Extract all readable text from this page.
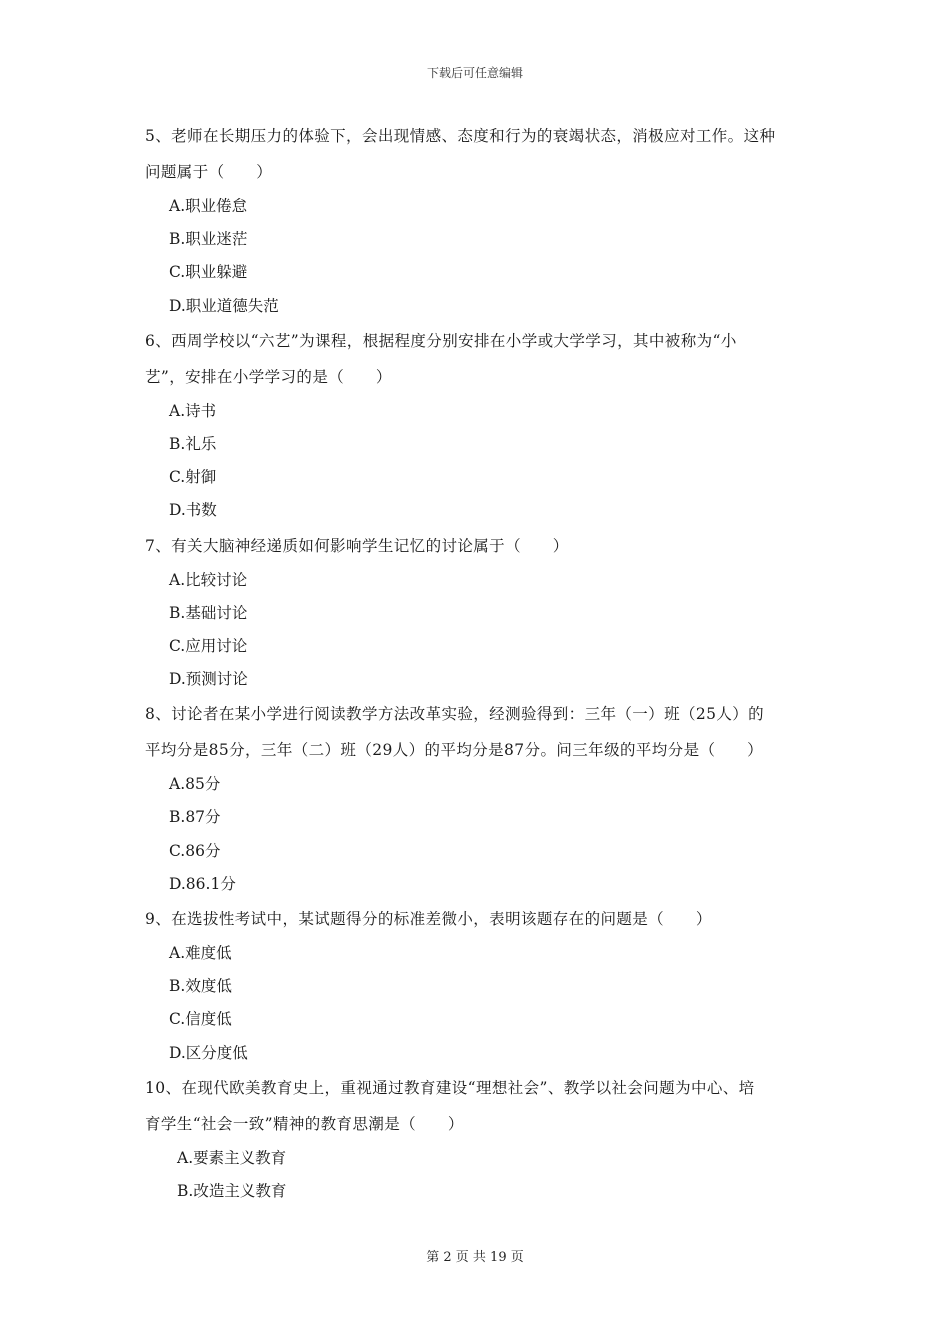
下载后可任意编辑

5、老师在长期压力的体验下，会出现情感、态度和行为的衰竭状态，消极应对工作。这种
问题属于（　　）

A.职业倦怠
B.职业迷茫
C.职业躲避
D.职业道德失范

6、西周学校以“六艺”为课程，根据程度分别安排在小学或大学学习，其中被称为“小
艺”，安排在小学学习的是（　　）

A.诗书
B.礼乐
C.射御
D.书数

7、有关大脑神经递质如何影响学生记忆的讨论属于（　　）

A.比较讨论
B.基础讨论
C.应用讨论
D.预测讨论

8、讨论者在某小学进行阅读教学方法改革实验，经测验得到：三年（一）班（25人）的
平均分是85分，三年（二）班（29人）的平均分是87分。问三年级的平均分是（　　）

A.85分
B.87分
C.86分
D.86.1分

9、在选拔性考试中，某试题得分的标准差微小，表明该题存在的问题是（　　）

A.难度低
B.效度低
C.信度低
D.区分度低

10、在现代欧美教育史上，重视通过教育建设“理想社会”、教学以社会问题为中心、培
育学生“社会一致”精神的教育思潮是（　　）

A.要素主义教育
B.改造主义教育
第 2 页 共 19 页
